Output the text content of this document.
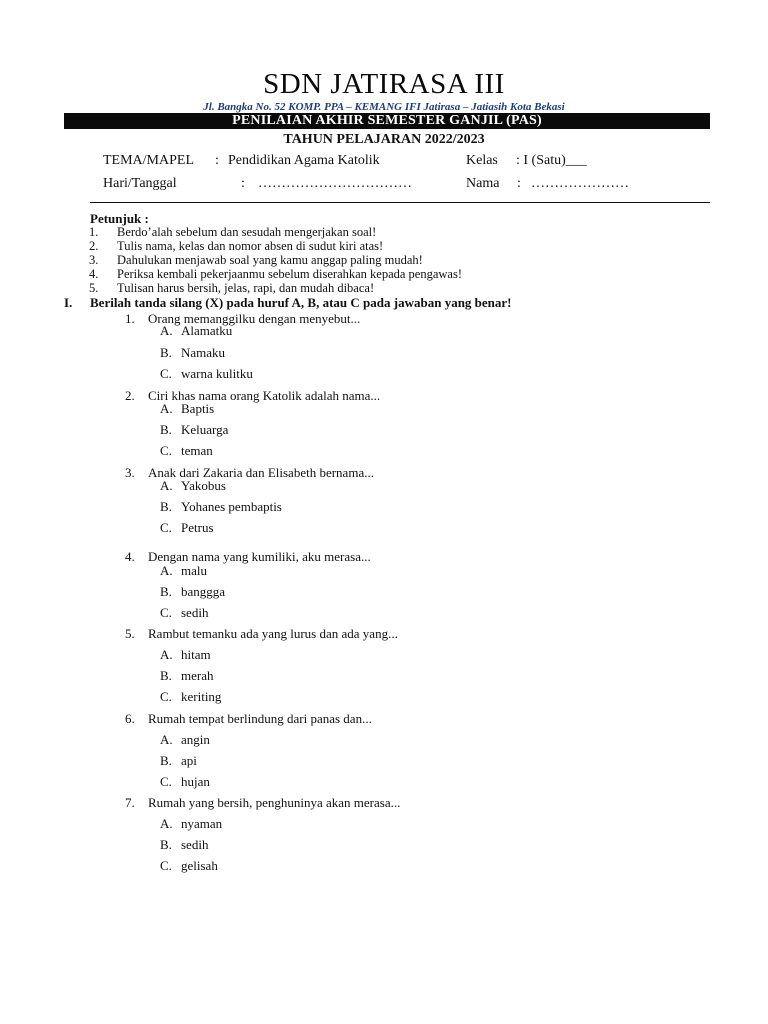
SDN JATIRASA III
Jl. Bangka No. 52 KOMP. PPA – KEMANG IFI Jatirasa – Jatiasih Kota Bekasi
PENILAIAN AKHIR SEMESTER GANJIL (PAS)
TAHUN PELAJARAN 2022/2023
TEMA/MAPEL : Pendidikan Agama Katolik	Kelas : I (Satu)___
Hari/Tanggal	: ……………………………	Nama : …………………
Petunjuk :
1. Berdo’alah sebelum dan sesudah mengerjakan soal!
2. Tulis nama, kelas dan nomor absen di sudut kiri atas!
3. Dahulukan menjawab soal yang kamu anggap paling mudah!
4. Periksa kembali pekerjaanmu sebelum diserahkan kepada pengawas!
5. Tulisan harus bersih, jelas, rapi, dan mudah dibaca!
I. Berilah tanda silang (X) pada huruf A, B, atau C pada jawaban yang benar!
1. Orang memanggilku dengan menyebut...
A. Alamatku
B. Namaku
C. warna kulitku
2. Ciri khas nama orang Katolik adalah nama...
A. Baptis
B. Keluarga
C. teman
3. Anak dari Zakaria dan Elisabeth bernama...
A. Yakobus
B. Yohanes pembaptis
C. Petrus
4. Dengan nama yang kumiliki, aku merasa...
A. malu
B. banggga
C. sedih
5. Rambut temanku ada yang lurus dan ada yang...
A. hitam
B. merah
C. keriting
6. Rumah tempat berlindung dari panas dan...
A. angin
B. api
C. hujan
7. Rumah yang bersih, penghuninya akan merasa...
A. nyaman
B. sedih
C. gelisah
